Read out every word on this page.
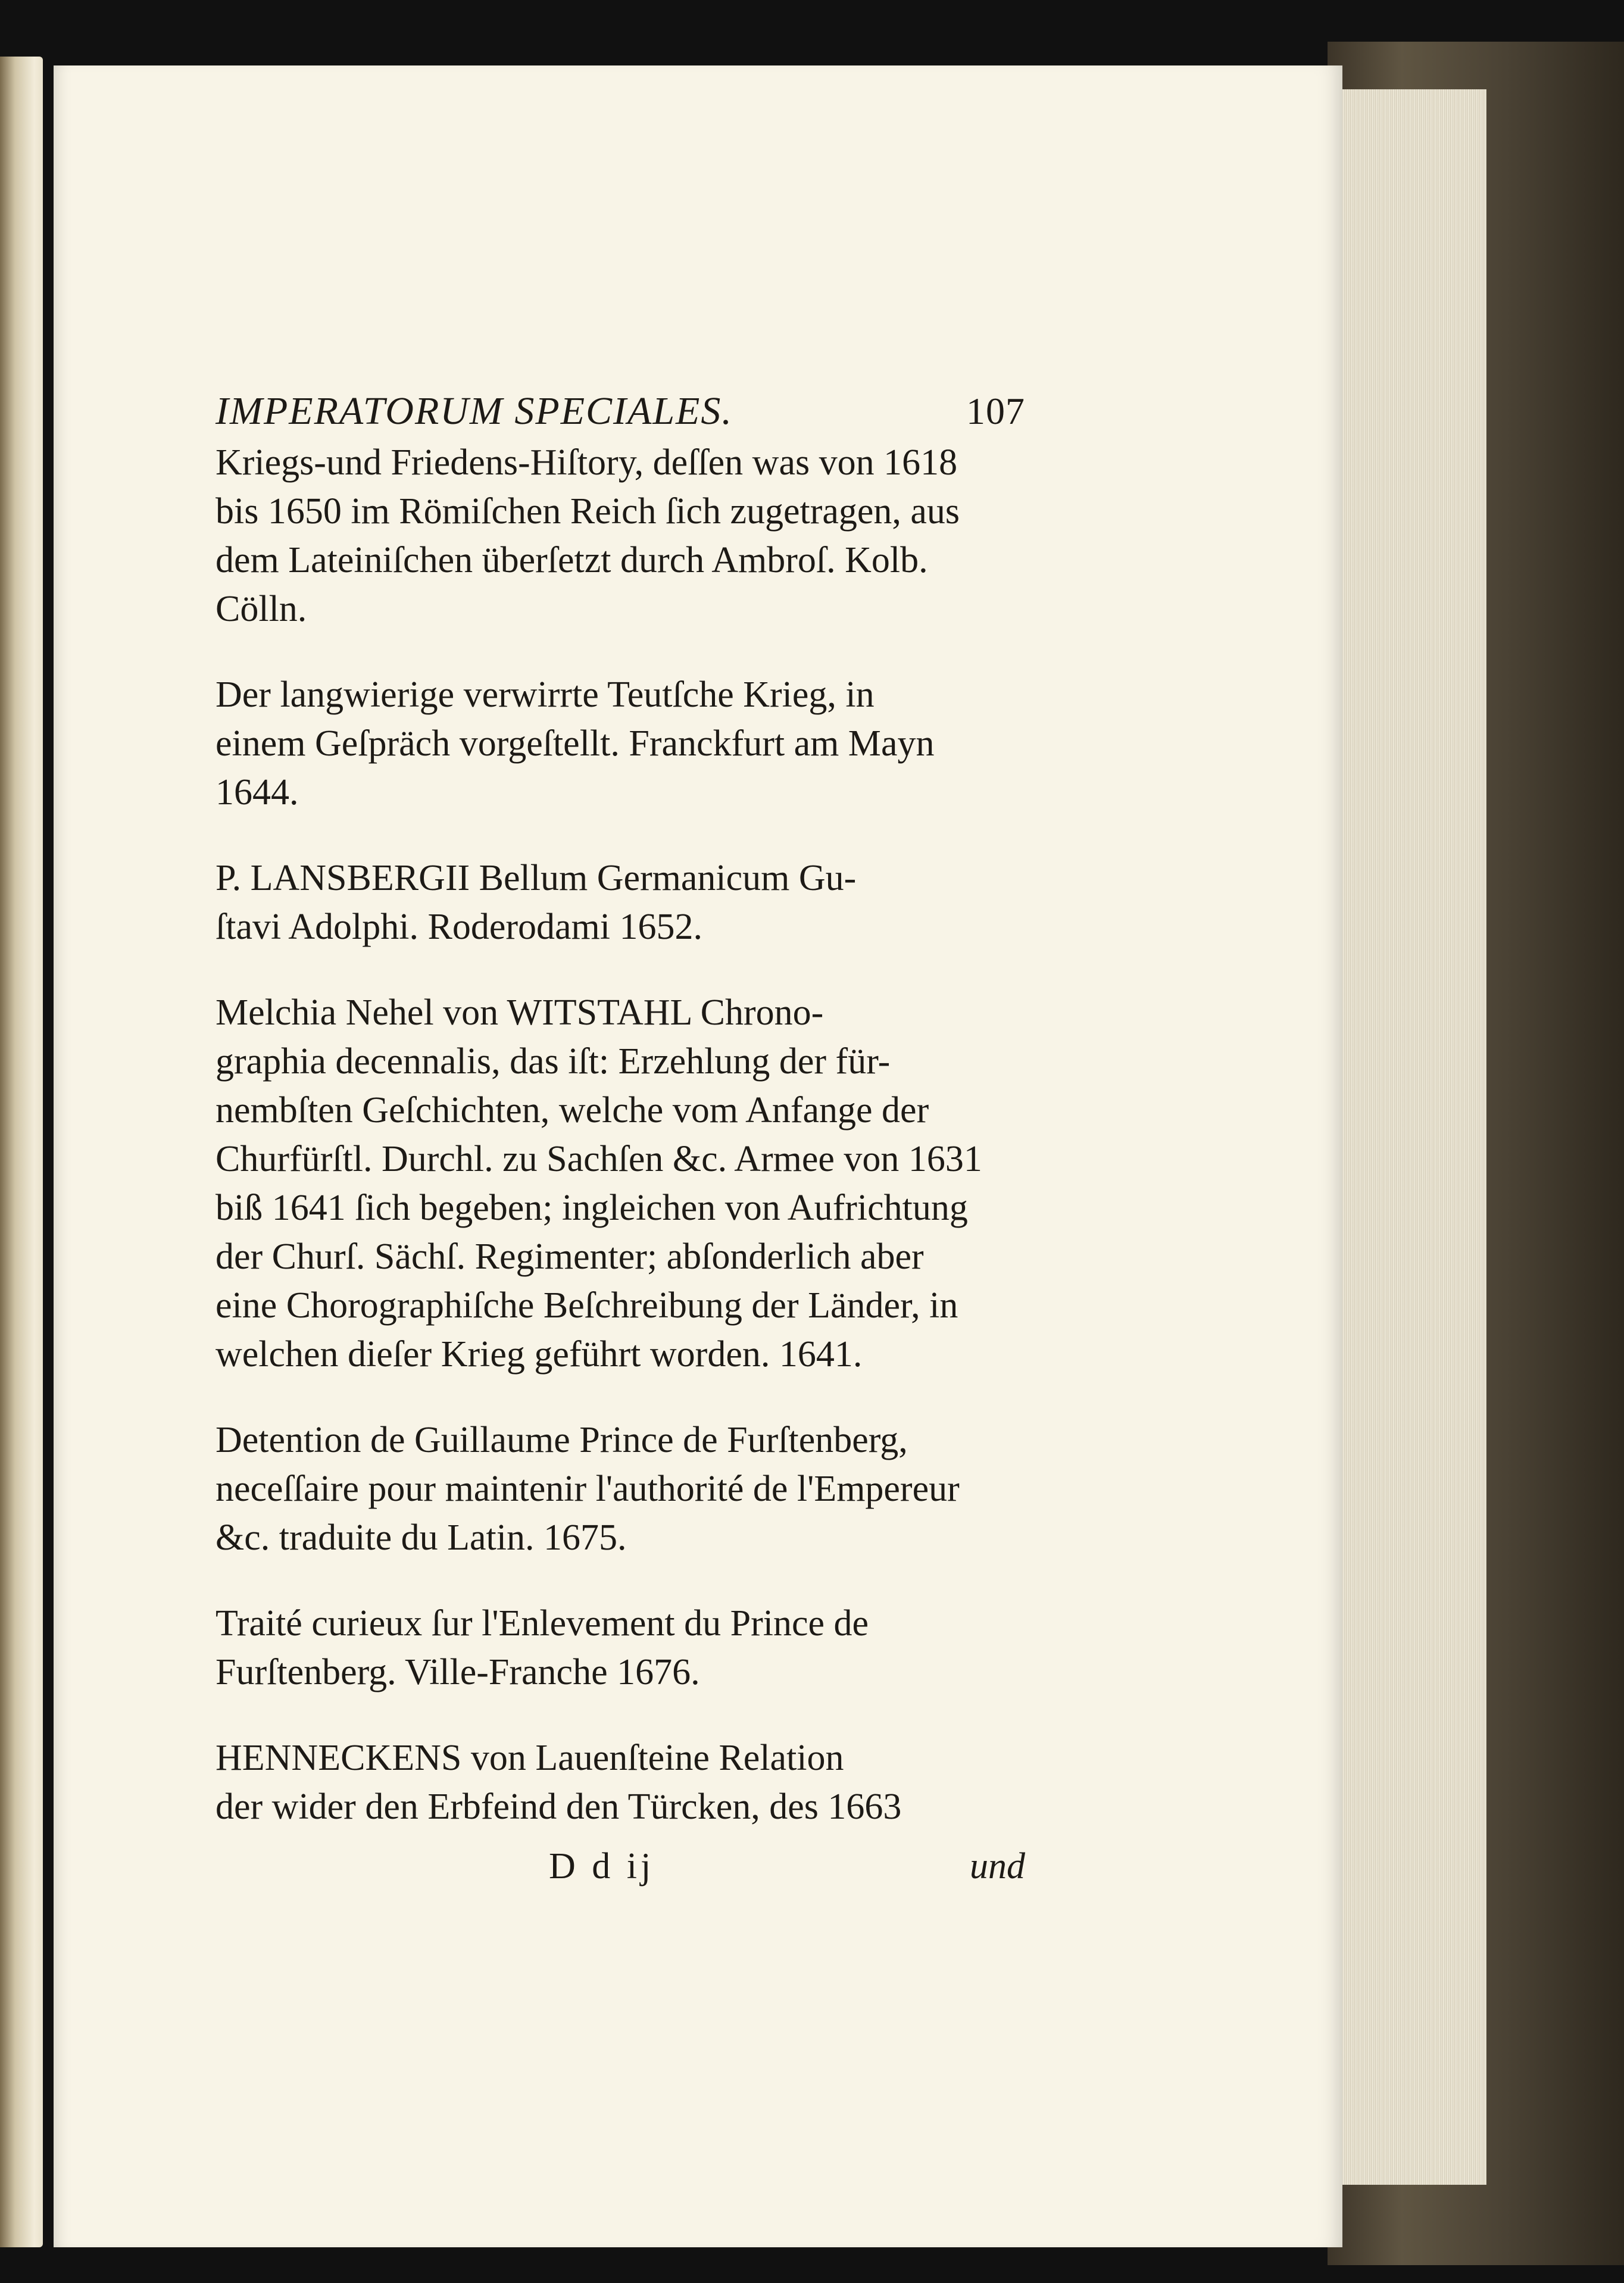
IMPERATORUM SPECIALES.	107
Kriegs-und Friedens-Hiſtory, deſſen was von 1618
bis 1650 im Römiſchen Reich ſich zugetragen, aus
dem Lateiniſchen überſetzt durch Ambroſ. Kolb.
Cölln.
Der langwierige verwirrte Teutſche Krieg, in
einem Geſpräch vorgeſtellt. Franckfurt am Mayn
1644.
P. LANSBERGII Bellum Germanicum Gu-
ſtavi Adolphi. Roderodami 1652.
Melchia Nehel von WITSTAHL Chrono-
graphia decennalis, das iſt: Erzehlung der für-
nembſten Geſchichten, welche vom Anfange der
Churfürſtl. Durchl. zu Sachſen &c. Armee von 1631
biß 1641 ſich begeben; ingleichen von Aufrichtung
der Churſ. Sächſ. Regimenter; abſonderlich aber
eine Chorographiſche Beſchreibung der Länder, in
welchen dieſer Krieg geführt worden. 1641.
Detention de Guillaume Prince de Furſtenberg,
neceſſaire pour maintenir l'authorité de l'Empereur
&c. traduite du Latin. 1675.
Traité curieux ſur l'Enlevement du Prince de
Furſtenberg. Ville-Franche 1676.
HENNECKENS von Lauenſteine Relation
der wider den Erbfeind den Türcken, des 1663
D d ij	und
